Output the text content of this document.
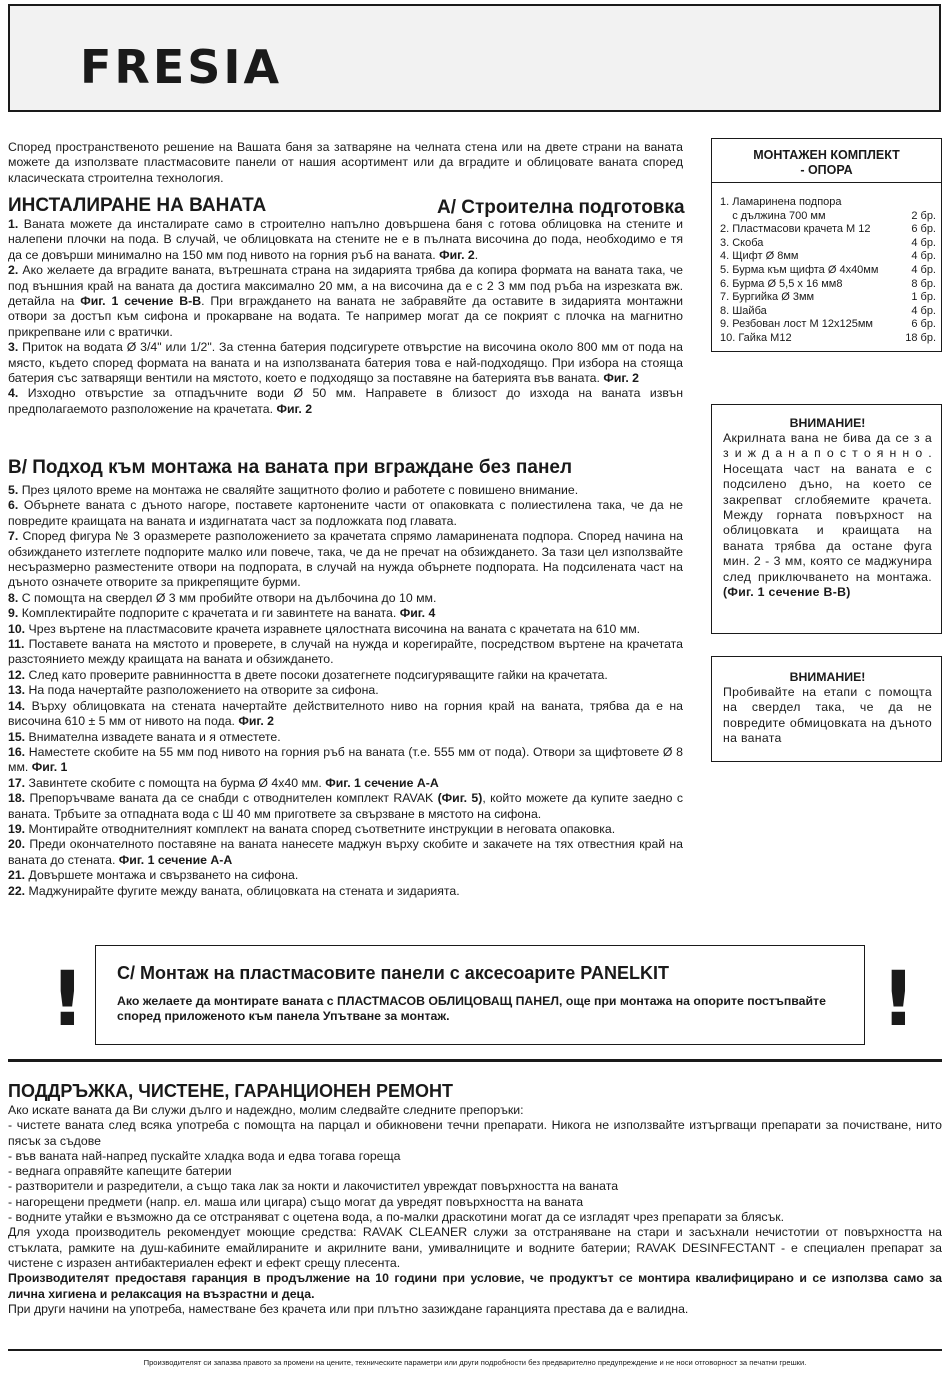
FRESIA

Според пространственото решение на Вашата баня за затваряне на челната стена или на двете страни на ваната можете да използвате пластмасовите панели от нашия асортимент или да вградите и облицовате ваната според класическата строителна технология.

ИНСТАЛИРАНЕ НА ВАНАТА	A/ Строителна подготовка

1. Ваната можете да инсталирате само в строително напълно довършена баня с готова облицовка на стените и налепени плочки на пода. В случай, че облицовката на стените не е в пълната височина до пода, необходимо е тя да се довърши минимално на 150 мм под нивото на горния ръб на ваната. Фиг. 2.

2. Ако желаете да вградите ваната, вътрешната страна на зидарията трябва да копира формата на ваната така, че под външния край на ваната да достига максимално 20 мм, а на височина да е с 2 3 мм под ръба на изрезката вж. детайла на Фиг. 1 сечение В-В. При вграждането на ваната не забравяйте да оставите в зидарията монтажни отвори за достъп към сифона и прокарване на водата. Те например могат да се покрият с плочка на магнитно прикрепване или с вратички.

3. Приток на водата Ø 3/4" или 1/2". За стенна батерия подсигурете отвърстие на височина около 800 мм от пода на място, където според формата на ваната и на използваната батерия това е най-подходящо. При избора на стояща батерия със затварящи вентили на мястото, което е подходящо за поставяне на батерията във ваната. Фиг. 2

4. Изходно отвърстие за отпадъчните води Ø 50 мм. Направете в близост до изхода на ваната извън предполагаемото разположение на крачетата. Фиг. 2

B/ Подход към монтажа на ваната при вграждане без панел

5. През цялото време на монтажа не сваляйте защитното фолио и работете с повишено внимание.

6. Обърнете ваната с дъното нагоре, поставете картонените части от опаковката с полиестилена така, че да не повредите краищата на ваната и издигнатата част за подложката под главата.

7. Според фигура № 3 оразмерете разположението за крачетата спрямо ламаринената подпора. Според начина на обзиждането изтеглете подпорите малко или повече, така, че да не пречат на обзиждането. За тази цел използвайте несъразмерно разместените отвори на подпората, в случай на нужда обърнете подпората. На подсилената част на дъното означете отворите за прикрепящите бурми.

8. С помощта на свердел Ø 3 мм пробийте отвори на дълбочина до 10 мм.

9. Комплектирайте подпорите с крачетата и ги завинтете на ваната. Фиг. 4

10. Чрез въртене на пластмасовите крачета изравнете цялостната височина на ваната с крачетата на 610 мм.

11. Поставете ваната на мястото и проверете, в случай на нужда и корегирайте, посредством въртене на крачетата разстоянието между краищата на ваната и обзиждането.

12. След като проверите равнинността в двете посоки дозатегнете подсигуряващите гайки на крачетата.

13. На пода начертайте разположението на отворите за сифона.

14. Върху облицовката на стената начертайте действителното ниво на горния край на ваната, трябва да е на височина 610 ± 5 мм от нивото на пода. Фиг. 2

15. Внимателна извадете ваната и я отместете.

16. Наместете скобите на 55 мм под нивото на горния ръб на ваната (т.е. 555 мм от пода). Отвори за щифтовете Ø 8 мм. Фиг. 1

17. Завинтете скобите с помощта на бурма Ø 4x40 мм. Фиг. 1 сечение А-А

18. Препоръчваме ваната да се снабди с отводнителен комплект RAVAK (Фиг. 5), който можете да купите заедно с ваната. Трбъите за отпадната вода с Ш 40 мм пригответе за свързване в мястото на сифона.

19. Монтирайте отводнителният комплект на ваната според съответните инструкции в неговата опаковка.

20. Преди окончателното поставяне на ваната нанесете маджун върху скобите и закачете на тях отвестния край на ваната до стената. Фиг. 1 сечение А-А

21. Довършете монтажа и свързването на сифона.

22. Маджунирайте фугите между ваната, облицовката на стената и зидарията.

МОНТАЖЕН КОМПЛЕКТ
- ОПОРА
1. Ламаринена подпора
с дължина 700 мм	2 бр.
2. Пластмасови крачета М 12	6 бр.
3. Скоба	4 бр.
4. Щифт Ø 8мм	4 бр.
5. Бурма към щифта Ø 4x40мм	4 бр.
6. Бурма Ø 5,5 x 16 мм8	8 бр.
7. Бургийка Ø 3мм	1 бр.
8. Шайба	4 бр.
9. Резбован лост М 12x125мм	6 бр.
10. Гайка М12	18 бр.
ВНИМАНИЕ!
Акрилната вана не бива да се з а з и ж д а н а п о с т о я н н о . Носещата част на ваната е с подсилено дъно, на което се закрепват сглобяемите крачета. Между горната повърхност на облицовката и краищата на ваната трябва да остане фуга мин. 2 - 3 мм, която се маджунира след приключването на монтажа. (Фиг. 1 сечение В-В)
ВНИМАНИЕ!
Пробивайте на етапи с помощта на свердел така, че да не повредите обмицовката на дъното на ваната
! C/ Монтаж на пластмасовите панели с аксесоарите PANELKIT
Ако желаете да монтирате ваната с ПЛАСТМАСОВ ОБЛИЦОВАЩ ПАНЕЛ, още при монтажа на опорите постъпвайте според приложеното към панела Упътване за монтаж.	!
ПОДДРЪЖКА, ЧИСТЕНЕ, ГАРАНЦИОНЕН РЕМОНТ

Ако искате ваната да Ви служи дълго и надеждно, молим следвайте следните препоръки:

- чистете ваната след всяка употреба с помощта на парцал и обикновени течни препарати. Никога не използвайте изтъргващи препарати за почистване, нито пясък за съдове

- във ваната най-напред пускайте хладка вода и едва тогава гореща

- веднага оправяйте капещите батерии

- разтворители и разредители, а също така лак за нокти и лакочистител увреждат повърхността на ваната

- нагорещени предмети (напр. ел. маша или цигара) също могат да увредят повърхността на ваната

- водните утайки е възможно да се отстраняват с оцетена вода, а по-малки драскотини могат да се изгладят чрез препарати за блясък.

Для ухода производитель рекомендует моющие средства: RAVAK CLEANER служи за отстраняване на стари и засъхнали нечистотии от повърхността на стъклата, рамките на душ-кабините емайлираните и акрилните вани, умивалниците и водните батерии; RAVAK DESINFECTANT - е специален препарат за чистене с изразен антибактериален ефект и ефект срещу плесента.

Производителят предоставя гаранция в продължение на 10 години при условие, че продуктът се монтира квалифицирано и се използва само за лична хигиена и релаксация на възрастни и деца.

При други начини на употреба, наместване без крачета или при плътно зазиждане гаранцията престава да е валидна.

Производителят си запазва правото за промени на цените, техническите параметри или други подробности без предварително предупреждение и не носи отговорност за печатни грешки.
